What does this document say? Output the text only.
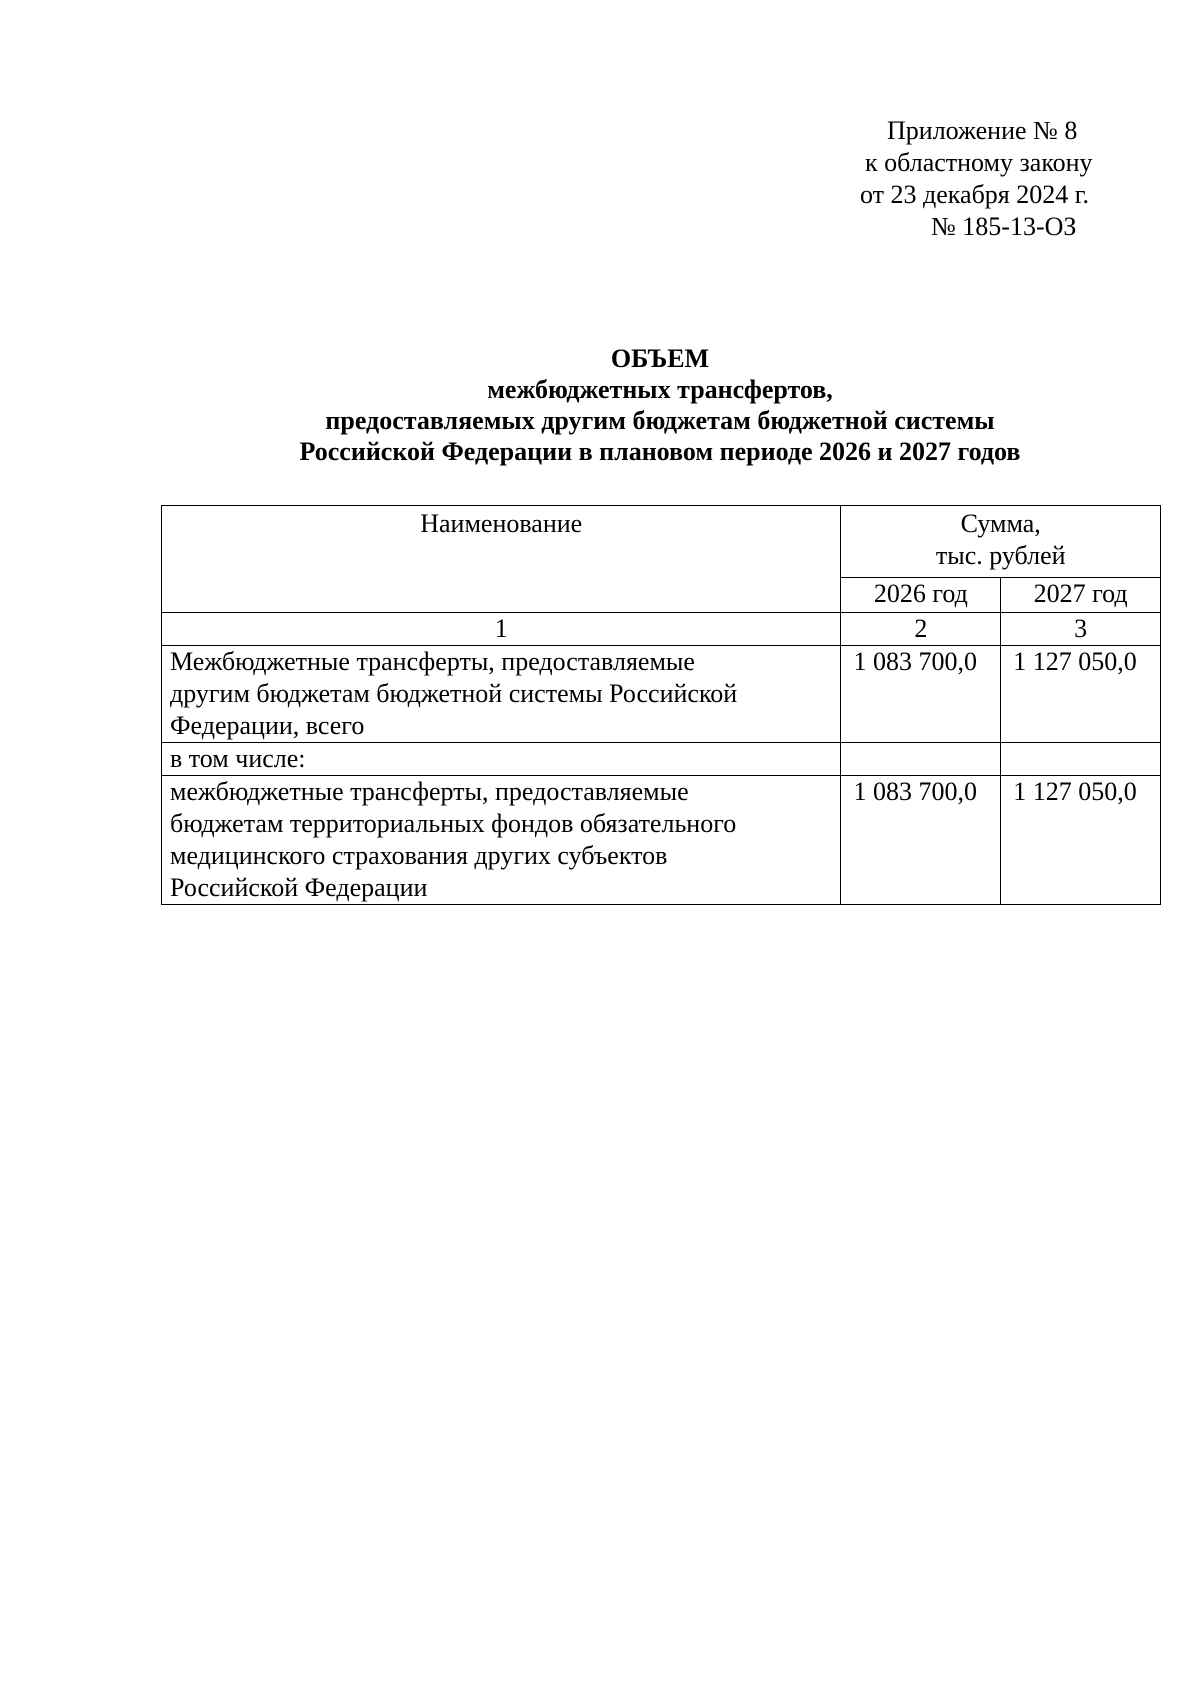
Приложение № 8
к областному закону
от 23 декабря 2024 г.
№ 185-13-ОЗ
ОБЪЕМ
межбюджетных трансфертов,
предоставляемых другим бюджетам бюджетной системы
Российской Федерации в плановом периоде 2026 и 2027 годов
Наименование	Сумма,
тыс. рублей	

	2026 год	2027 год
1	2	3

Межбюджетные трансферты, предоставляемые
другим бюджетам бюджетной системы Российской
Федерации, всего	1 083 700,0	1 127 050,0

в том числе:		

межбюджетные трансферты, предоставляемые
бюджетам территориальных фондов обязательного
медицинского страхования других субъектов
Российской Федерации	1 083 700,0	1 127 050,0
